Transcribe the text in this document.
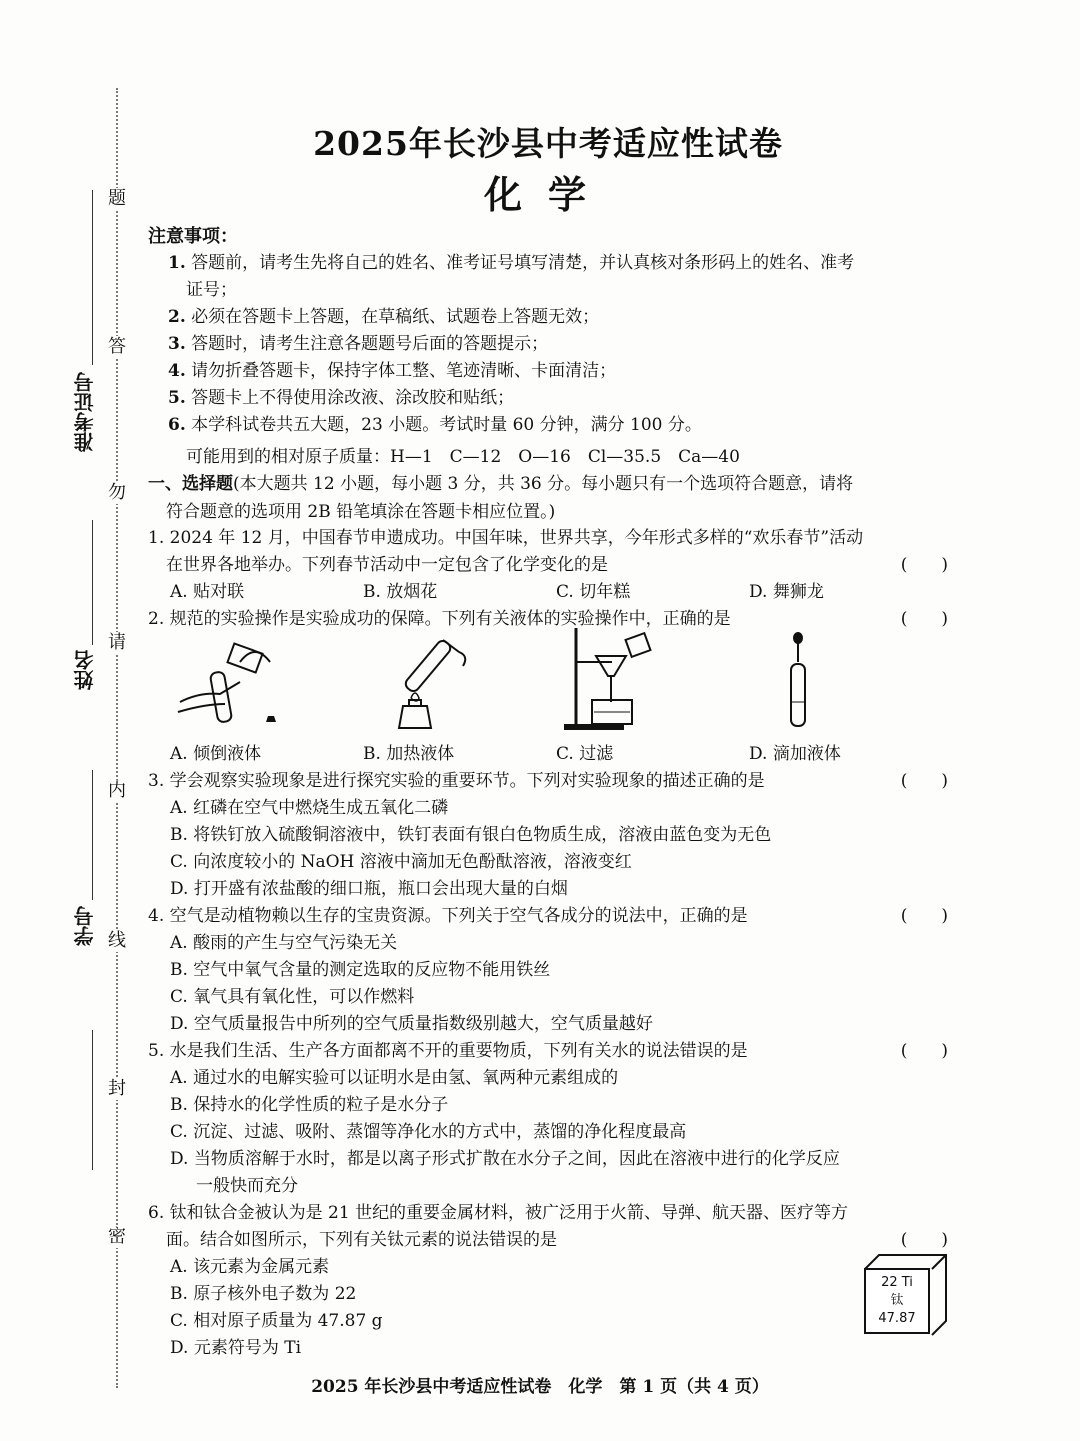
题
答
勿
请
内
线
封
密
准考证号
姓名
学号
2025年长沙县中考适应性试卷
化学
注意事项：
1. 答题前，请考生先将自己的姓名、准考证号填写清楚，并认真核对条形码上的姓名、准考
证号；
2. 必须在答题卡上答题，在草稿纸、试题卷上答题无效；
3. 答题时，请考生注意各题题号后面的答题提示；
4. 请勿折叠答题卡，保持字体工整、笔迹清晰、卡面清洁；
5. 答题卡上不得使用涂改液、涂改胶和贴纸；
6. 本学科试卷共五大题，23 小题。考试时量 60 分钟，满分 100 分。
可能用到的相对原子质量：H—1　C—12　O—16　Cl—35.5　Ca—40
一、选择题(本大题共 12 小题，每小题 3 分，共 36 分。每小题只有一个选项符合题意，请将
符合题意的选项用 2B 铅笔填涂在答题卡相应位置。)
1. 2024 年 12 月，中国春节申遗成功。中国年味，世界共享，今年形式多样的“欢乐春节”活动
在世界各地举办。下列春节活动中一定包含了化学变化的是	(　　)
A. 贴对联	B. 放烟花	C. 切年糕	D. 舞狮龙
2. 规范的实验操作是实验成功的保障。下列有关液体的实验操作中，正确的是	(　　)
A. 倾倒液体	B. 加热液体	C. 过滤	D. 滴加液体
3. 学会观察实验现象是进行探究实验的重要环节。下列对实验现象的描述正确的是	(　　)
A. 红磷在空气中燃烧生成五氧化二磷
B. 将铁钉放入硫酸铜溶液中，铁钉表面有银白色物质生成，溶液由蓝色变为无色
C. 向浓度较小的 NaOH 溶液中滴加无色酚酞溶液，溶液变红
D. 打开盛有浓盐酸的细口瓶，瓶口会出现大量的白烟
4. 空气是动植物赖以生存的宝贵资源。下列关于空气各成分的说法中，正确的是	(　　)
A. 酸雨的产生与空气污染无关
B. 空气中氧气含量的测定选取的反应物不能用铁丝
C. 氧气具有氧化性，可以作燃料
D. 空气质量报告中所列的空气质量指数级别越大，空气质量越好
5. 水是我们生活、生产各方面都离不开的重要物质，下列有关水的说法错误的是	(　　)
A. 通过水的电解实验可以证明水是由氢、氧两种元素组成的
B. 保持水的化学性质的粒子是水分子
C. 沉淀、过滤、吸附、蒸馏等净化水的方式中，蒸馏的净化程度最高
D. 当物质溶解于水时，都是以离子形式扩散在水分子之间，因此在溶液中进行的化学反应
一般快而充分
6. 钛和钛合金被认为是 21 世纪的重要金属材料，被广泛用于火箭、导弹、航天器、医疗等方
面。结合如图所示，下列有关钛元素的说法错误的是	(　　)
A. 该元素为金属元素
B. 原子核外电子数为 22
C. 相对原子质量为 47.87 g
D. 元素符号为 Ti
22 Ti
钛
47.87
2025 年长沙县中考适应性试卷　化学　第 1 页（共 4 页）
